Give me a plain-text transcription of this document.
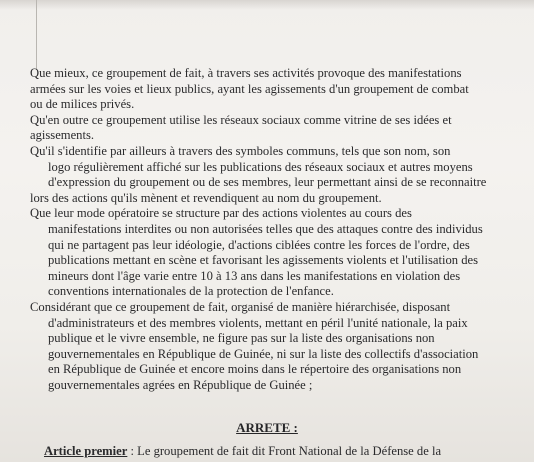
Que mieux, ce groupement de fait, à travers ses activités provoque des manifestations
armées sur les voies et lieux publics, ayant les agissements d'un groupement de combat
ou de milices privés.
Qu'en outre ce groupement utilise les réseaux sociaux comme vitrine de ses idées et
agissements.
Qu'il s'identifie par ailleurs à travers des symboles communs, tels que son nom, son
logo régulièrement affiché sur les publications des réseaux sociaux et autres moyens
d'expression du groupement ou de ses membres, leur permettant ainsi de se reconnaitre
lors des actions qu'ils mènent et revendiquent au nom du groupement.
Que leur mode opératoire se structure par des actions violentes au cours des
manifestations interdites ou non autorisées telles que des attaques contre des individus
qui ne partagent pas leur idéologie, d'actions ciblées contre les forces de l'ordre, des
publications mettant en scène et favorisant les agissements violents et l'utilisation des
mineurs dont l'âge varie entre 10 à 13 ans dans les manifestations en violation des
conventions internationales de la protection de l'enfance.
Considérant que ce groupement de fait, organisé de manière hiérarchisée, disposant
d'administrateurs et des membres violents, mettant en péril l'unité nationale, la paix
publique et le vivre ensemble, ne figure pas sur la liste des organisations non
gouvernementales en République de Guinée, ni sur la liste des collectifs d'association
en République de Guinée et encore moins dans le répertoire des organisations non
gouvernementales agrées en République de Guinée ;
ARRETE :
Article premier : Le groupement de fait dit Front National de la Défense de la
